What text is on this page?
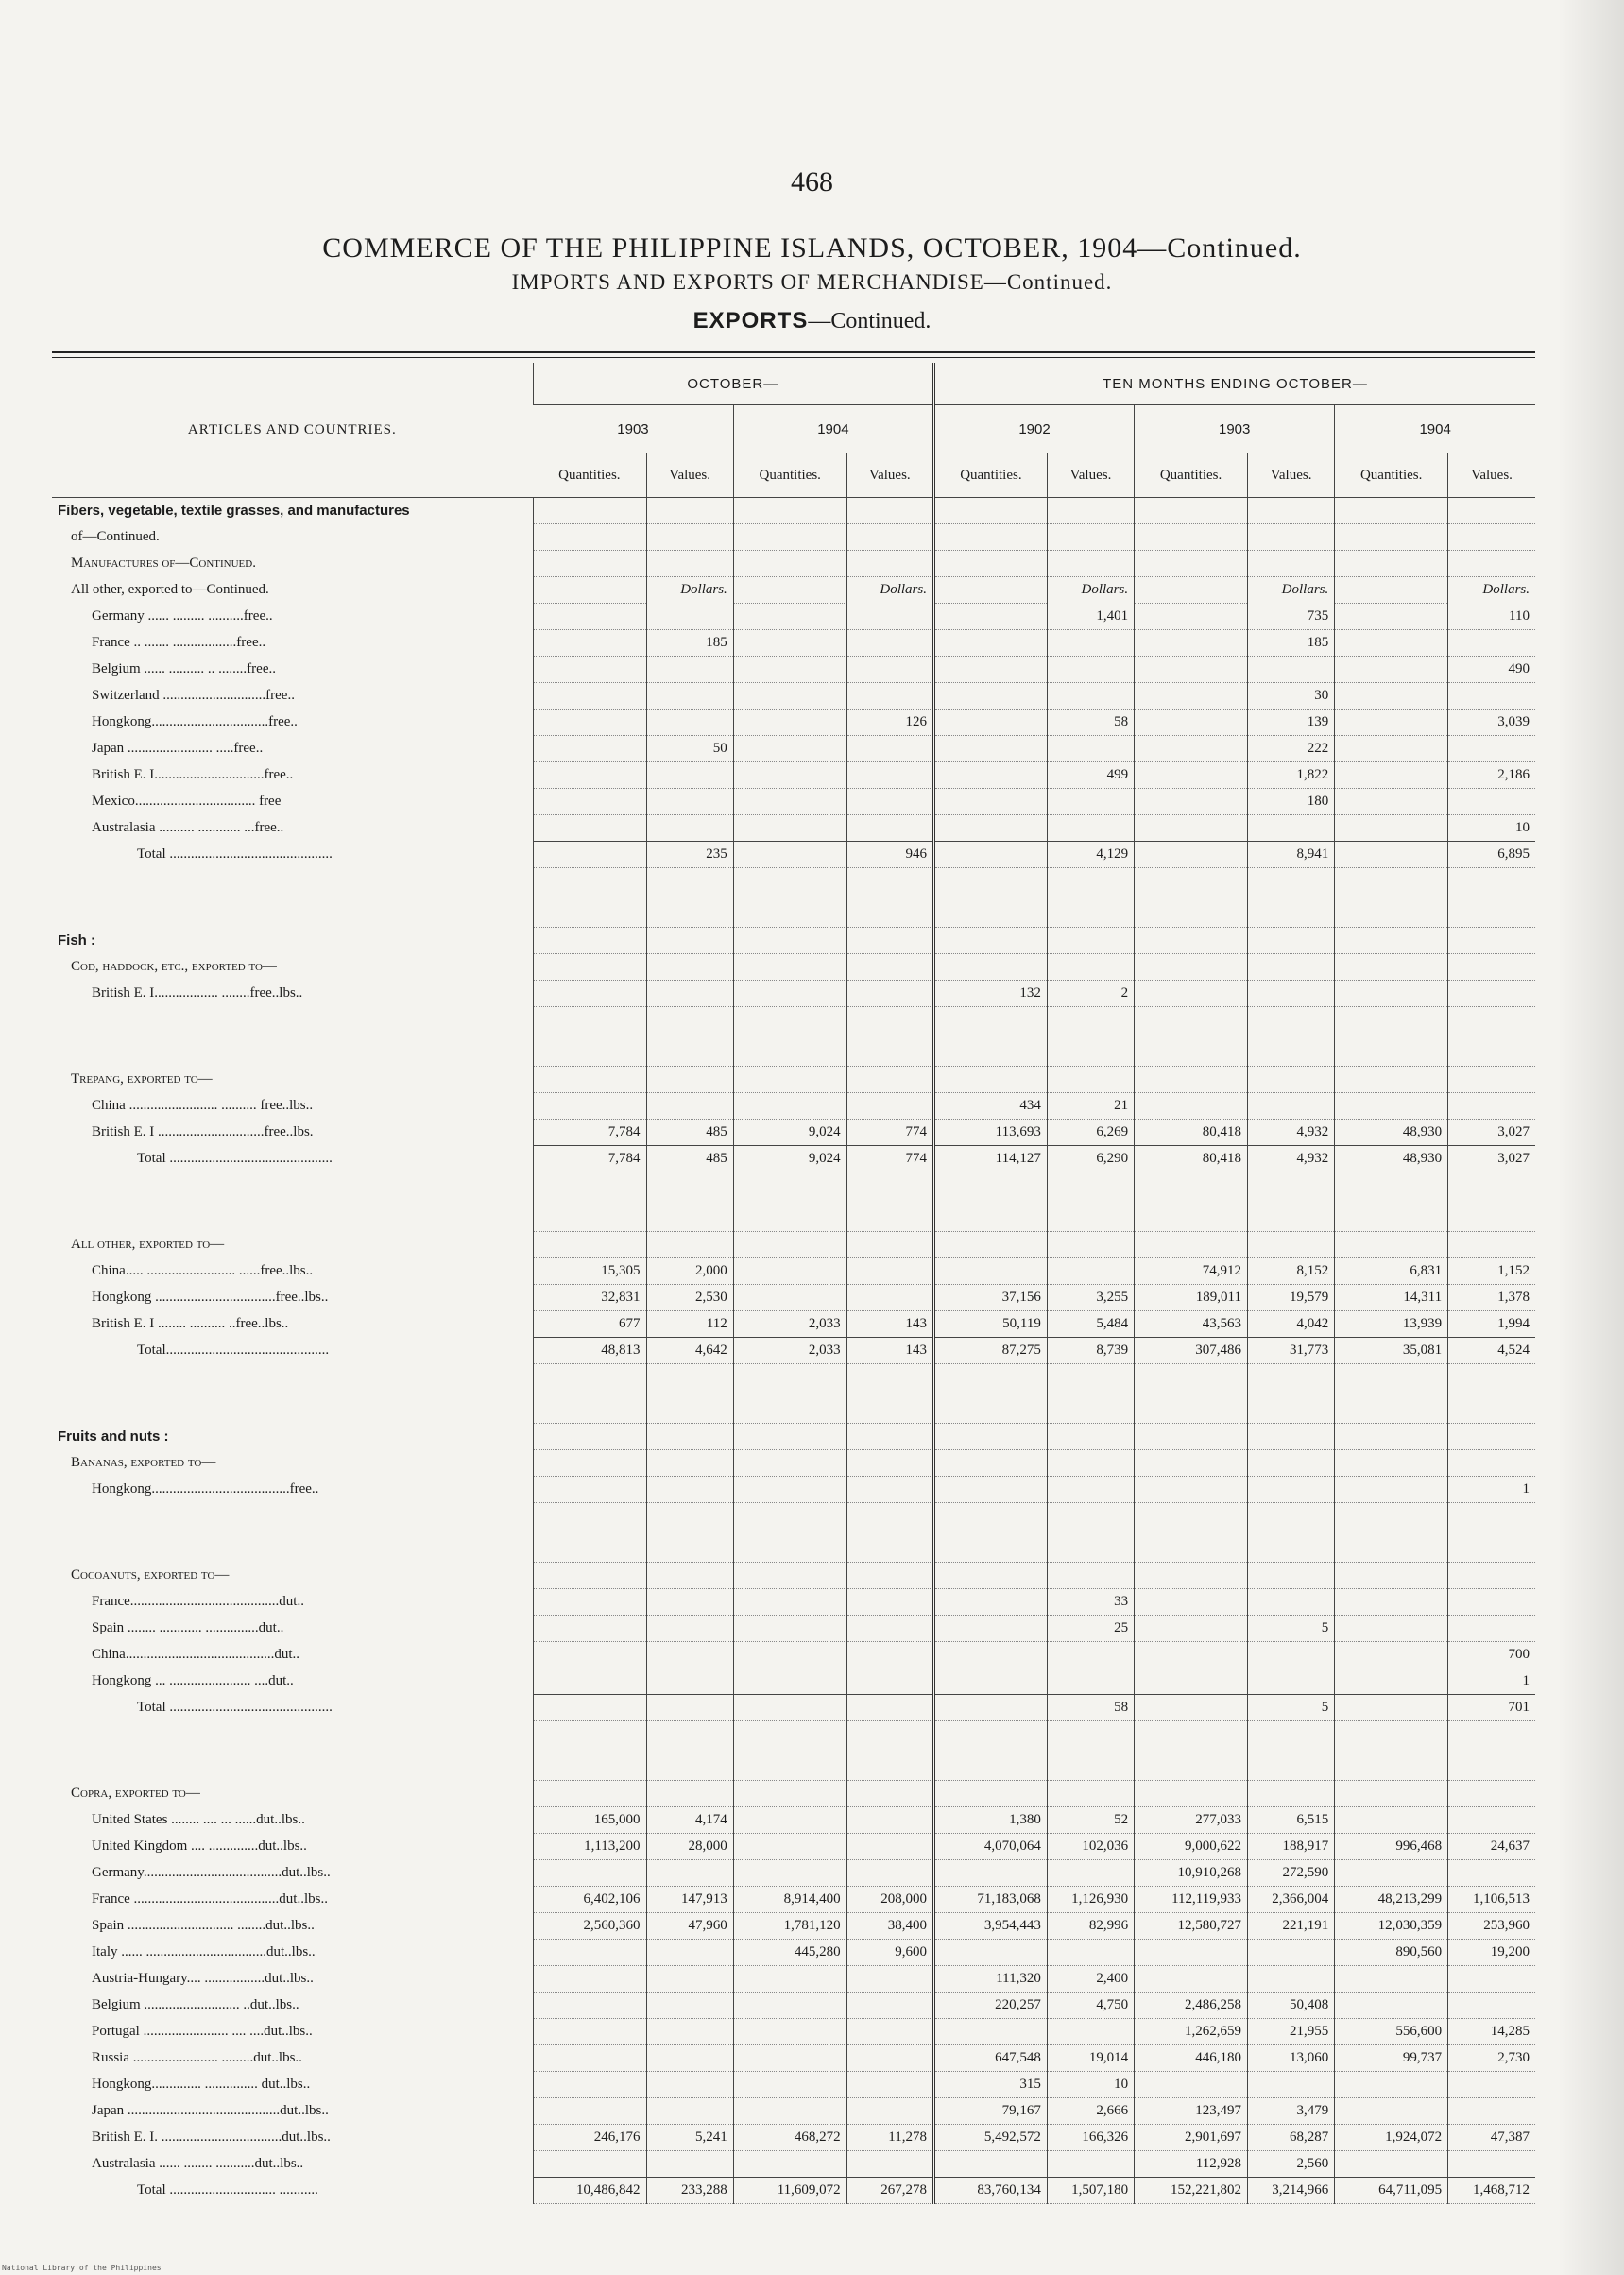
468
COMMERCE OF THE PHILIPPINE ISLANDS, OCTOBER, 1904—Continued.
IMPORTS AND EXPORTS OF MERCHANDISE—Continued.
EXPORTS—Continued.
ARTICLES AND COUNTRIES.	OCTOBER—				TEN MONTHS ENDING OCTOBER—					
	1903		1904		1902		1903		1904	
	Quantities.	Values.	Quantities.	Values.	Quantities.	Values.	Quantities.	Values.	Quantities.	Values.
Fibers, vegetable, textile grasses, and manufactures										
of—Continued.										
Manufactures of—Continued.										
All other, exported to—Continued.		Dollars.		Dollars.		Dollars.		Dollars.		Dollars.
Germany ...... ......... ..........free..						1,401		735		110
France .. ....... ..................free..		185						185		
Belgium ...... .......... .. ........free..										490
Switzerland .............................free..								30		
Hongkong.................................free..				126		58		139		3,039
Japan ........................ .....free..		50						222		
British E. I...............................free..						499		1,822		2,186
Mexico.................................. free								180		
Australasia .......... ............ ...free..										10
Total ..............................................		235		946		4,129		8,941		6,895

Fish :										
Cod, haddock, etc., exported to—										
British E. I.................. ........free..lbs..					132	2				

Trepang, exported to—										
China ......................... .......... free..lbs..					434	21				
British E. I ..............................free..lbs.	7,784	485	9,024	774	113,693	6,269	80,418	4,932	48,930	3,027
Total ..............................................	7,784	485	9,024	774	114,127	6,290	80,418	4,932	48,930	3,027

All other, exported to—										
China..... ......................... ......free..lbs..	15,305	2,000					74,912	8,152	6,831	1,152
Hongkong ..................................free..lbs..	32,831	2,530			37,156	3,255	189,011	19,579	14,311	1,378
British E. I ........ .......... ..free..lbs..	677	112	2,033	143	50,119	5,484	43,563	4,042	13,939	1,994
Total..............................................	48,813	4,642	2,033	143	87,275	8,739	307,486	31,773	35,081	4,524

Fruits and nuts :										
Bananas, exported to—										
Hongkong.......................................free..										1

Cocoanuts, exported to—										
France..........................................dut..						33				
Spain ........ ............ ...............dut..						25		5		
China..........................................dut..										700
Hongkong ... ....................... ....dut..										1
Total ..............................................						58		5		701

Copra, exported to—										
United States ........ .... ... ......dut..lbs..	165,000	4,174			1,380	52	277,033	6,515		
United Kingdom .... ..............dut..lbs..	1,113,200	28,000			4,070,064	102,036	9,000,622	188,917	996,468	24,637
Germany.......................................dut..lbs..							10,910,268	272,590		
France .........................................dut..lbs..	6,402,106	147,913	8,914,400	208,000	71,183,068	1,126,930	112,119,933	2,366,004	48,213,299	1,106,513
Spain .............................. ........dut..lbs..	2,560,360	47,960	1,781,120	38,400	3,954,443	82,996	12,580,727	221,191	12,030,359	253,960
Italy ...... ..................................dut..lbs..			445,280	9,600					890,560	19,200
Austria-Hungary.... .................dut..lbs..					111,320	2,400				
Belgium ........................... ..dut..lbs..					220,257	4,750	2,486,258	50,408		
Portugal ........................ .... ....dut..lbs..							1,262,659	21,955	556,600	14,285
Russia ........................ .........dut..lbs..					647,548	19,014	446,180	13,060	99,737	2,730
Hongkong.............. ............... dut..lbs..					315	10				
Japan ...........................................dut..lbs..					79,167	2,666	123,497	3,479		
British E. I. ..................................dut..lbs..	246,176	5,241	468,272	11,278	5,492,572	166,326	2,901,697	68,287	1,924,072	47,387
Australasia ...... ........ ...........dut..lbs..							112,928	2,560		
Total .............................. ...........	10,486,842	233,288	11,609,072	267,278	83,760,134	1,507,180	152,221,802	3,214,966	64,711,095	1,468,712
National Library of the Philippines
